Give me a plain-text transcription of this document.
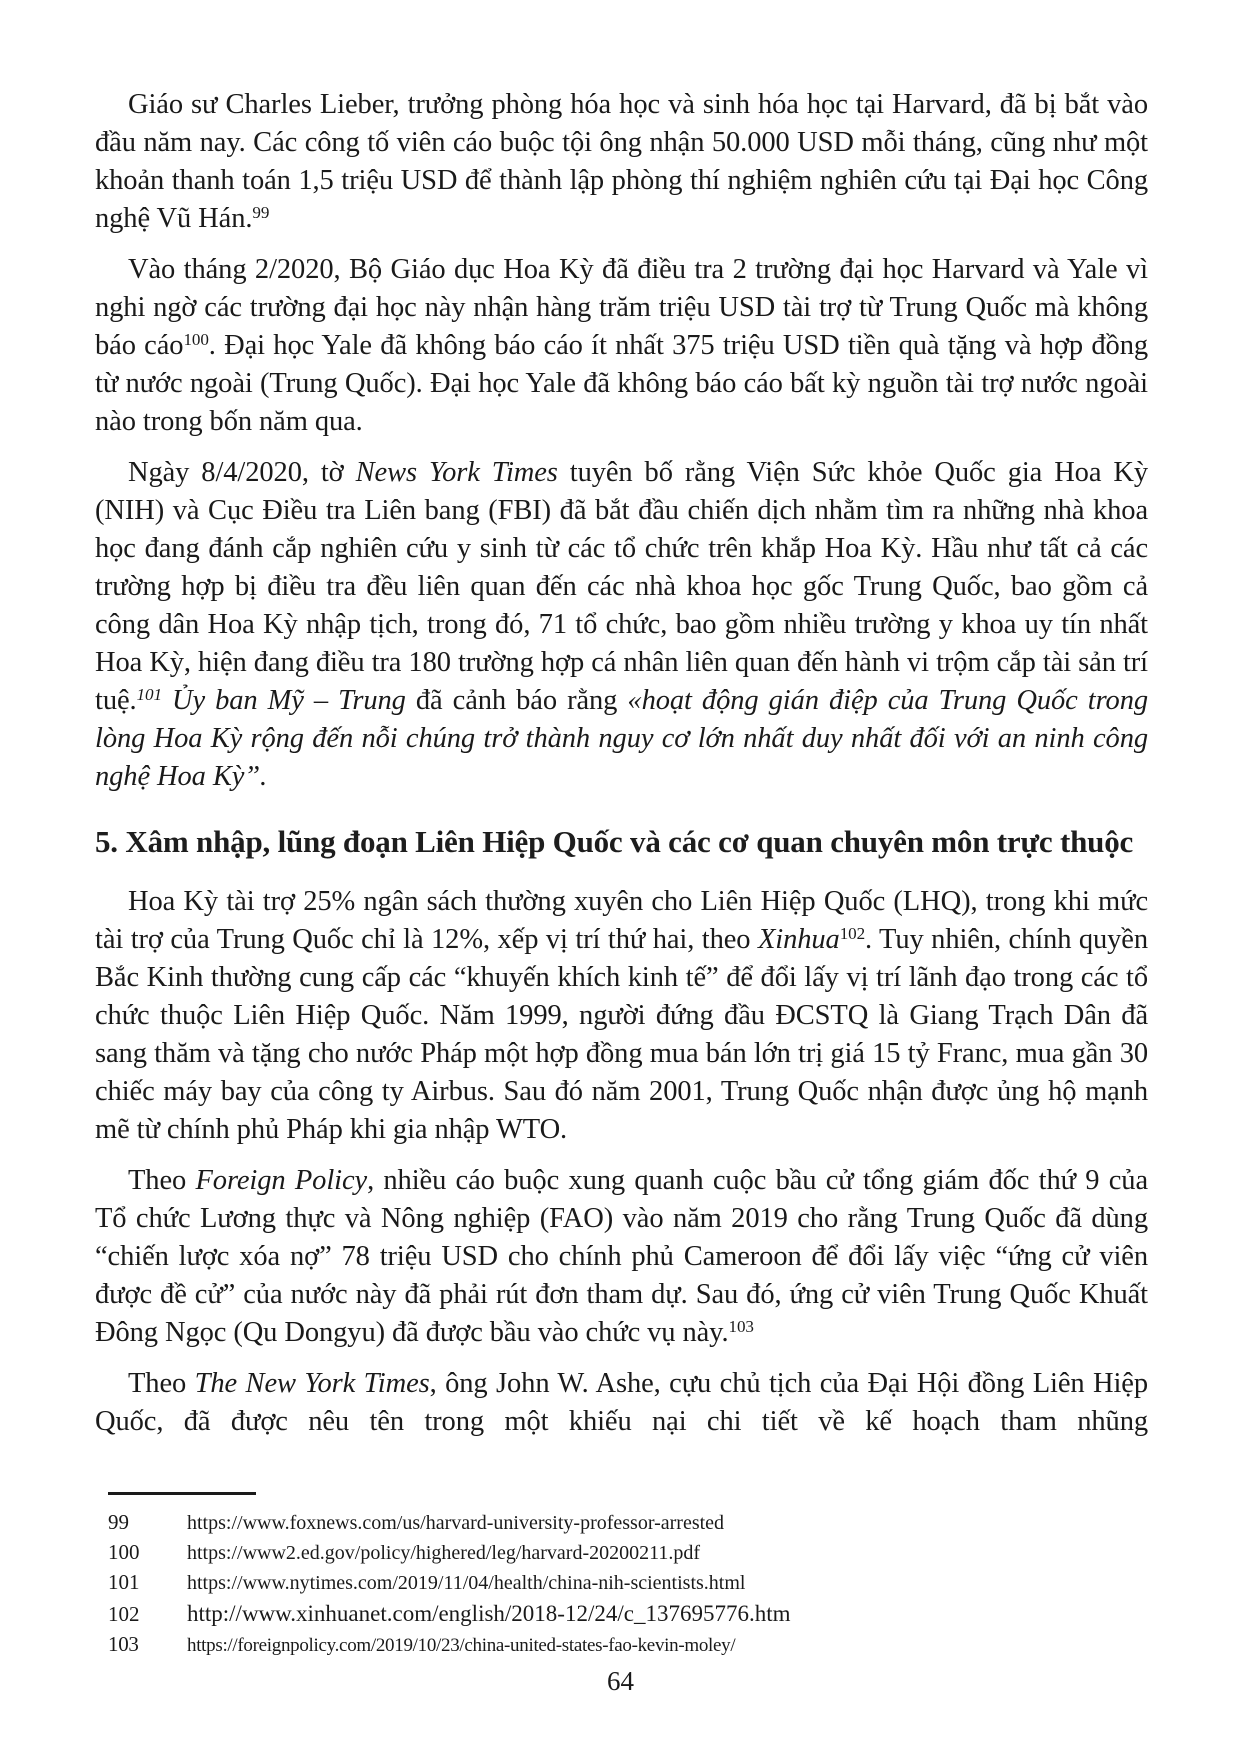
Giáo sư Charles Lieber, trưởng phòng hóa học và sinh hóa học tại Harvard, đã bị bắt vào đầu năm nay. Các công tố viên cáo buộc tội ông nhận 50.000 USD mỗi tháng, cũng như một khoản thanh toán 1,5 triệu USD để thành lập phòng thí nghiệm nghiên cứu tại Đại học Công nghệ Vũ Hán.$^{99}$

Vào tháng 2/2020, Bộ Giáo dục Hoa Kỳ đã điều tra 2 trường đại học Harvard và Yale vì nghi ngờ các trường đại học này nhận hàng trăm triệu USD tài trợ từ Trung Quốc mà không báo cáo$^{100}$. Đại học Yale đã không báo cáo ít nhất 375 triệu USD tiền quà tặng và hợp đồng từ nước ngoài (Trung Quốc). Đại học Yale đã không báo cáo bất kỳ nguồn tài trợ nước ngoài nào trong bốn năm qua.

Ngày 8/4/2020, tờ News York Times tuyên bố rằng Viện Sức khỏe Quốc gia Hoa Kỳ (NIH) và Cục Điều tra Liên bang (FBI) đã bắt đầu chiến dịch nhằm tìm ra những nhà khoa học đang đánh cắp nghiên cứu y sinh từ các tổ chức trên khắp Hoa Kỳ. Hầu như tất cả các trường hợp bị điều tra đều liên quan đến các nhà khoa học gốc Trung Quốc, bao gồm cả công dân Hoa Kỳ nhập tịch, trong đó, 71 tổ chức, bao gồm nhiều trường y khoa uy tín nhất Hoa Kỳ, hiện đang điều tra 180 trường hợp cá nhân liên quan đến hành vi trộm cắp tài sản trí tuệ.$^{101}$ Ủy ban Mỹ – Trung đã cảnh báo rằng «hoạt động gián điệp của Trung Quốc trong lòng Hoa Kỳ rộng đến nỗi chúng trở thành nguy cơ lớn nhất duy nhất đối với an ninh công nghệ Hoa Kỳ”.

5. Xâm nhập, lũng đoạn Liên Hiệp Quốc và các cơ quan chuyên môn trực thuộc

Hoa Kỳ tài trợ 25% ngân sách thường xuyên cho Liên Hiệp Quốc (LHQ), trong khi mức tài trợ của Trung Quốc chỉ là 12%, xếp vị trí thứ hai, theo Xinhua$^{102}$. Tuy nhiên, chính quyền Bắc Kinh thường cung cấp các “khuyến khích kinh tế” để đổi lấy vị trí lãnh đạo trong các tổ chức thuộc Liên Hiệp Quốc. Năm 1999, người đứng đầu ĐCSTQ là Giang Trạch Dân đã sang thăm và tặng cho nước Pháp một hợp đồng mua bán lớn trị giá 15 tỷ Franc, mua gần 30 chiếc máy bay của công ty Airbus. Sau đó năm 2001, Trung Quốc nhận được ủng hộ mạnh mẽ từ chính phủ Pháp khi gia nhập WTO.

Theo Foreign Policy, nhiều cáo buộc xung quanh cuộc bầu cử tổng giám đốc thứ 9 của Tổ chức Lương thực và Nông nghiệp (FAO) vào năm 2019 cho rằng Trung Quốc đã dùng “chiến lược xóa nợ” 78 triệu USD cho chính phủ Cameroon để đổi lấy việc “ứng cử viên được đề cử” của nước này đã phải rút đơn tham dự. Sau đó, ứng cử viên Trung Quốc Khuất Đông Ngọc (Qu Dongyu) đã được bầu vào chức vụ này.$^{103}$

Theo The New York Times, ông John W. Ashe, cựu chủ tịch của Đại Hội đồng Liên Hiệp Quốc, đã được nêu tên trong một khiếu nại chi tiết về kế hoạch tham nhũng

99	https://www.foxnews.com/us/harvard-university-professor-arrested
100	https://www2.ed.gov/policy/highered/leg/harvard-20200211.pdf
101	https://www.nytimes.com/2019/11/04/health/china-nih-scientists.html
102	http://www.xinhuanet.com/english/2018-12/24/c_137695776.htm
103	https://foreignpolicy.com/2019/10/23/china-united-states-fao-kevin-moley/
64
